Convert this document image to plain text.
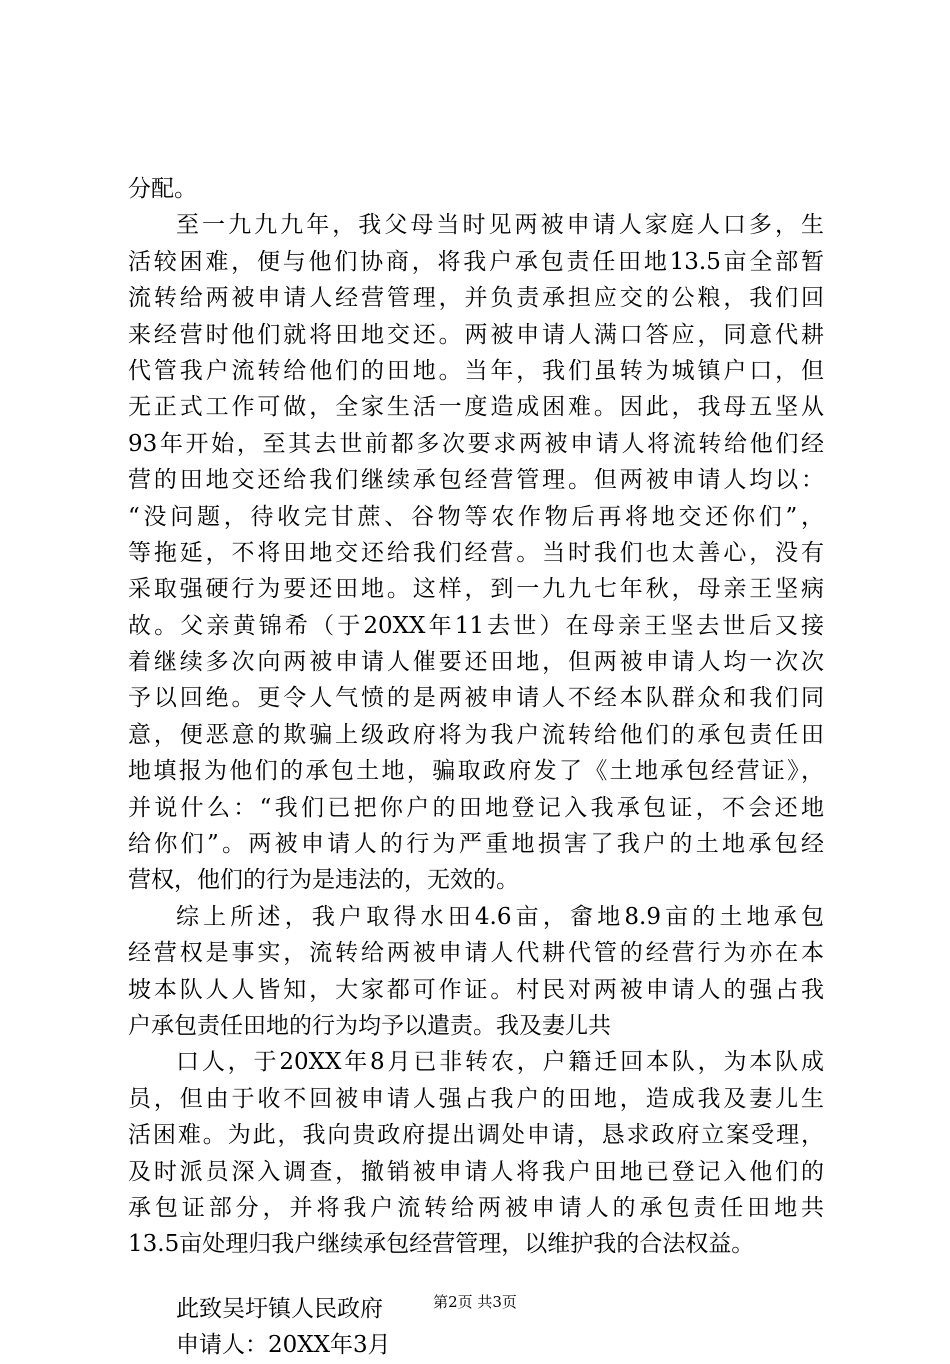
分配。
至一九九九年，我父母当时见两被申请人家庭人口多，生
活较困难，便与他们协商，将我户承包责任田地13.5亩全部暂
流转给两被申请人经营管理，并负责承担应交的公粮，我们回
来经营时他们就将田地交还。两被申请人满口答应，同意代耕
代管我户流转给他们的田地。当年，我们虽转为城镇户口，但
无正式工作可做，全家生活一度造成困难。因此，我母五坚从
93年开始，至其去世前都多次要求两被申请人将流转给他们经
营的田地交还给我们继续承包经营管理。但两被申请人均以：
“没问题，待收完甘蔗、谷物等农作物后再将地交还你们”，
等拖延，不将田地交还给我们经营。当时我们也太善心，没有
采取强硬行为要还田地。这样，到一九九七年秋，母亲王坚病
故。父亲黄锦希（于20XX年11去世）在母亲王坚去世后又接
着继续多次向两被申请人催要还田地，但两被申请人均一次次
予以回绝。更令人气愤的是两被申请人不经本队群众和我们同
意，便恶意的欺骗上级政府将为我户流转给他们的承包责任田
地填报为他们的承包土地，骗取政府发了《土地承包经营证》，
并说什么：“我们已把你户的田地登记入我承包证，不会还地
给你们”。两被申请人的行为严重地损害了我户的土地承包经
营权，他们的行为是违法的，无效的。
综上所述，我户取得水田4.6亩，畲地8.9亩的土地承包
经营权是事实，流转给两被申请人代耕代管的经营行为亦在本
坡本队人人皆知，大家都可作证。村民对两被申请人的强占我
户承包责任田地的行为均予以遣责。我及妻儿共
口人，于20XX年8月已非转农，户籍迁回本队，为本队成
员，但由于收不回被申请人强占我户的田地，造成我及妻儿生
活困难。为此，我向贵政府提出调处申请，恳求政府立案受理，
及时派员深入调查，撤销被申请人将我户田地已登记入他们的
承包证部分，并将我户流转给两被申请人的承包责任田地共
13.5亩处理归我户继续承包经营管理，以维护我的合法权益。
此致吴圩镇人民政府
申请人：20XX年3月
第2页 共3页
